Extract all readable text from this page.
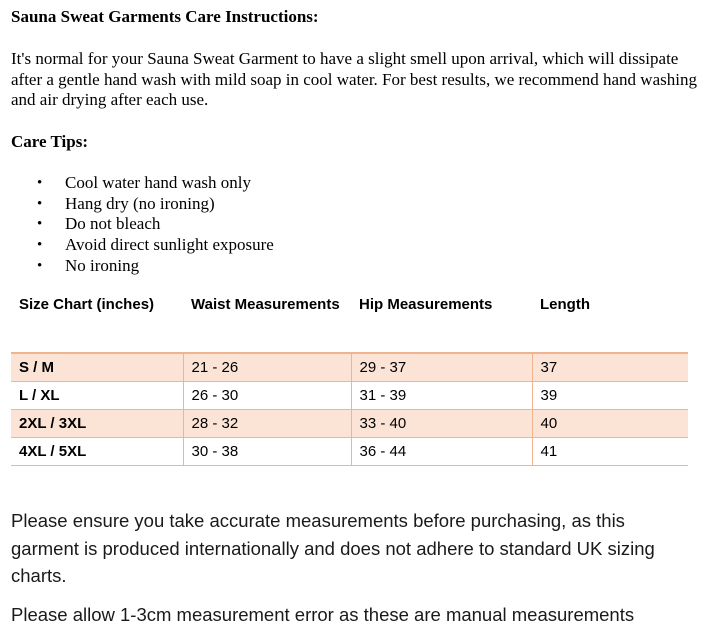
Sauna Sweat Garments Care Instructions:
It's normal for your Sauna Sweat Garment to have a slight smell upon arrival, which will dissipate after a gentle hand wash with mild soap in cool water. For best results, we recommend hand washing and air drying after each use.
Care Tips:
• Cool water hand wash only
• Hang dry (no ironing)
• Do not bleach
• Avoid direct sunlight exposure
• No ironing
Size Chart (inches)	Waist Measurements	Hip Measurements	Length
S / M	21 - 26	29 - 37	37
L / XL	26 - 30	31 - 39	39
2XL / 3XL	28 - 32	33 - 40	40
4XL / 5XL	30 - 38	36 - 44	41
Please ensure you take accurate measurements before purchasing, as this garment is produced internationally and does not adhere to standard UK sizing charts.
Please allow 1-3cm measurement error as these are manual measurements
